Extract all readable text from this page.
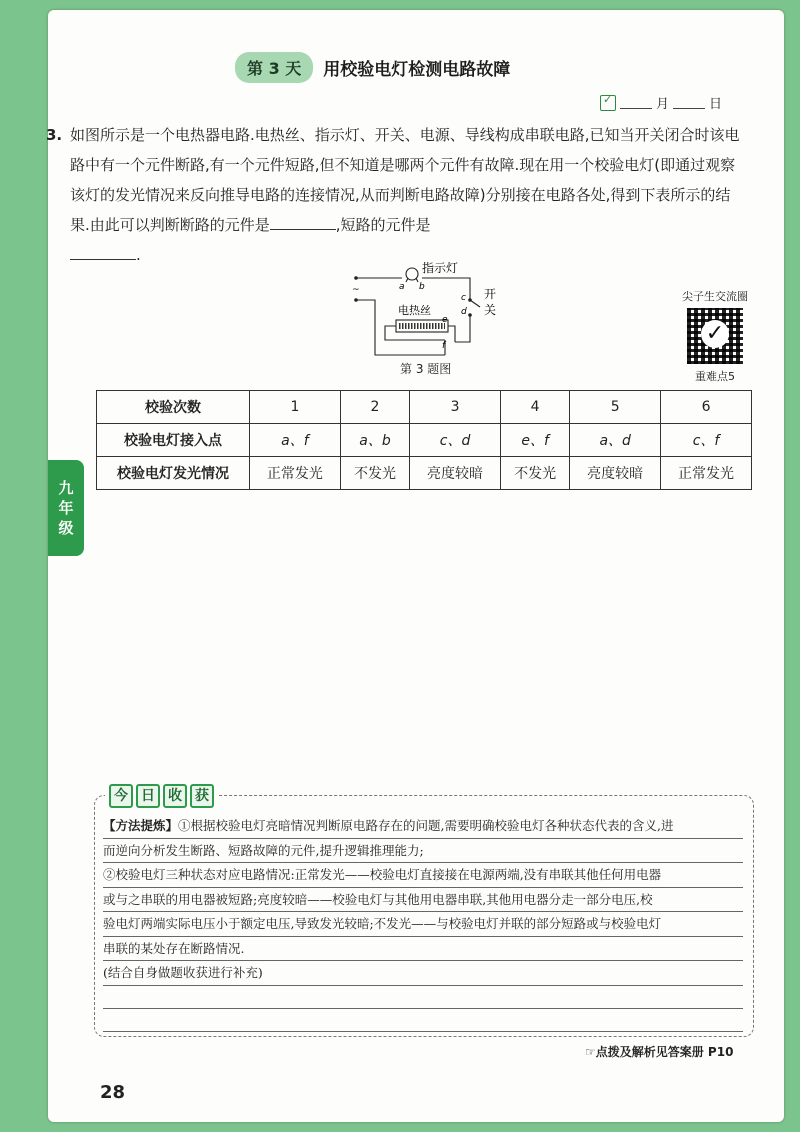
第 3 天	用校验电灯检测电路故障
✓
月	日
3. 如图所示是一个电热器电路.电热丝、指示灯、开关、电源、导线构成串联电路,已知当开关闭合时该电路中有一个元件断路,有一个元件短路,但不知道是哪两个元件有故障.现在用一个校验电灯(即通过观察该灯的发光情况来反向推导电路的连接情况,从而判断电路故障)分别接在电路各处,得到下表所示的结果.由此可以判断断路的元件是	,短路的元件是
.
~
指示灯
a b
c
d
开
关
电热丝
e
f
第 3 题图
尖子生交流圈
✓
重难点5
校验次数	1	2	3	4	5	6
校验电灯接入点	a、f	a、b	c、d	e、f	a、d	c、f
校验电灯发光情况	正常发光	不发光	亮度较暗	不发光	亮度较暗	正常发光
九
年
级
今 日 收 获

【方法提炼】①根据校验电灯亮暗情况判断原电路存在的问题,需要明确校验电灯各种状态代表的含义,进

而逆向分析发生断路、短路故障的元件,提升逻辑推理能力;

②校验电灯三种状态对应电路情况:正常发光——校验电灯直接接在电源两端,没有串联其他任何用电器

或与之串联的用电器被短路;亮度较暗——校验电灯与其他用电器串联,其他用电器分走一部分电压,校

验电灯两端实际电压小于额定电压,导致发光较暗;不发光——与校验电灯并联的部分短路或与校验电灯

串联的某处存在断路情况.

(结合自身做题收获进行补充)

☞点拨及解析见答案册 P10
28
